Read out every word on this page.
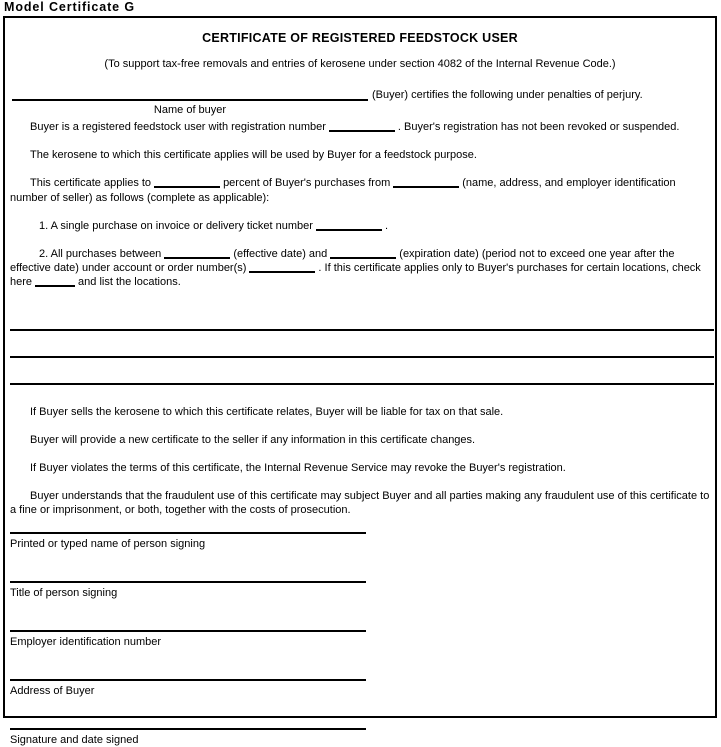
Model Certificate G
CERTIFICATE OF REGISTERED FEEDSTOCK USER
(To support tax-free removals and entries of kerosene under section 4082 of the Internal Revenue Code.)
(Buyer) certifies the following under penalties of perjury.
Name of buyer

Buyer is a registered feedstock user with registration number	. Buyer's registration has not been revoked or suspended.

The kerosene to which this certificate applies will be used by Buyer for a feedstock purpose.

This certificate applies to	percent of Buyer's purchases from	(name, address, and employer identification number of seller) as follows (complete as applicable):

1. A single purchase on invoice or delivery ticket number	.

2. All purchases between	(effective date) and	(expiration date) (period not to exceed one year after the effective date) under account or order number(s)	. If this certificate applies only to Buyer's purchases for certain locations, check here	and list the locations.

If Buyer sells the kerosene to which this certificate relates, Buyer will be liable for tax on that sale.

Buyer will provide a new certificate to the seller if any information in this certificate changes.

If Buyer violates the terms of this certificate, the Internal Revenue Service may revoke the Buyer's registration.

Buyer understands that the fraudulent use of this certificate may subject Buyer and all parties making any fraudulent use of this certificate to a fine or imprisonment, or both, together with the costs of prosecution.

Printed or typed name of person signing
Title of person signing
Employer identification number
Address of Buyer
Signature and date signed
